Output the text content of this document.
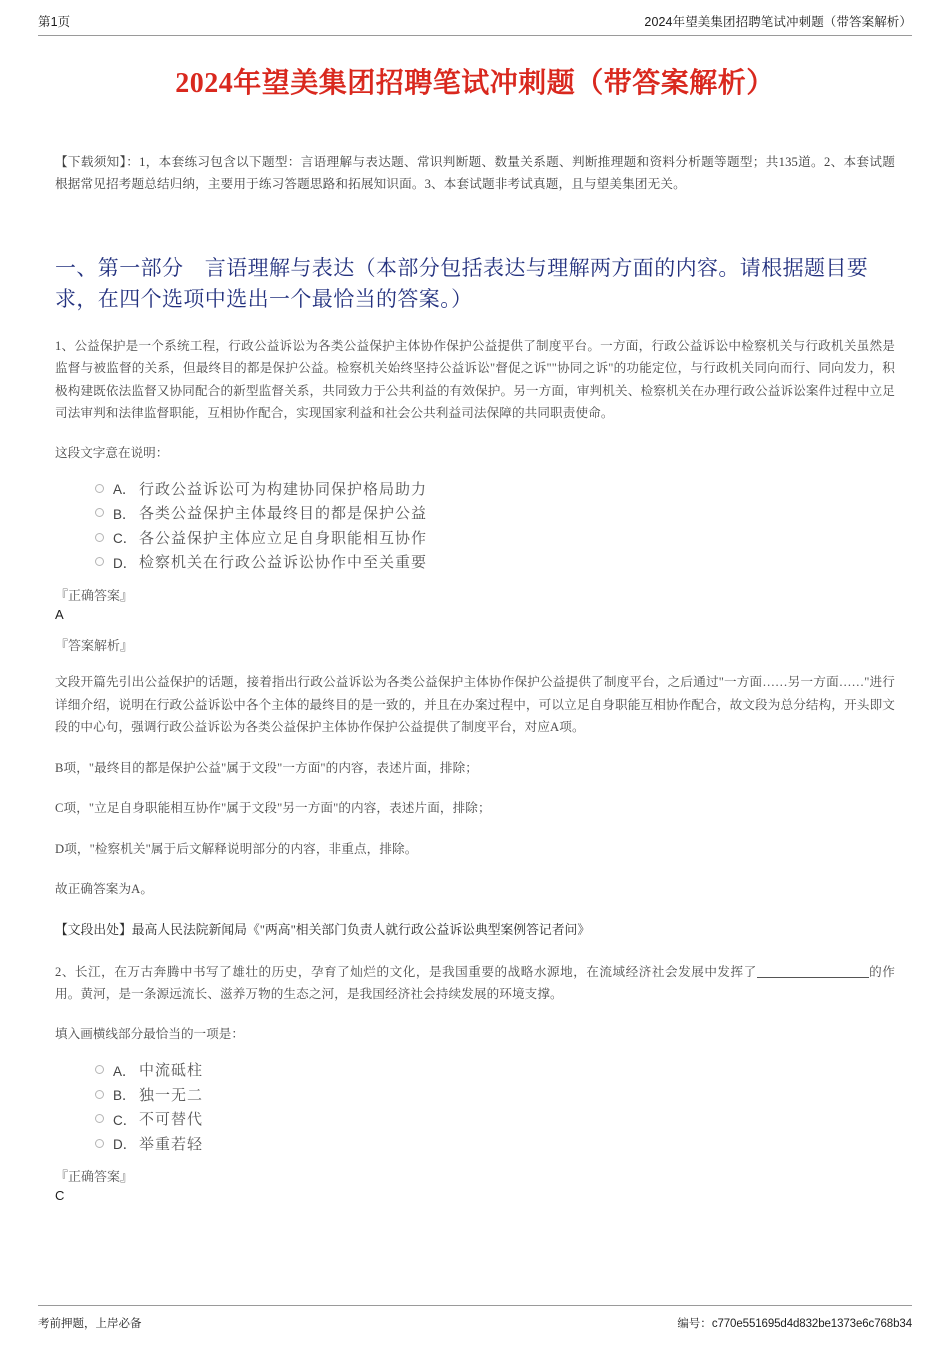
第1页	2024年望美集团招聘笔试冲刺题（带答案解析）
2024年望美集团招聘笔试冲刺题（带答案解析）

【下载须知】：1，本套练习包含以下题型：言语理解与表达题、常识判断题、数量关系题、判断推理题和资料分析题等题型；共135道。2、本套试题根据常见招考题总结归纳，主要用于练习答题思路和拓展知识面。3、本套试题非考试真题，且与望美集团无关。

一、第一部分　言语理解与表达（本部分包括表达与理解两方面的内容。请根据题目要求，在四个选项中选出一个最恰当的答案。）

1、公益保护是一个系统工程，行政公益诉讼为各类公益保护主体协作保护公益提供了制度平台。一方面，行政公益诉讼中检察机关与行政机关虽然是监督与被监督的关系，但最终目的都是保护公益。检察机关始终坚持公益诉讼"督促之诉""协同之诉"的功能定位，与行政机关同向而行、同向发力，积极构建既依法监督又协同配合的新型监督关系，共同致力于公共利益的有效保护。另一方面，审判机关、检察机关在办理行政公益诉讼案件过程中立足司法审判和法律监督职能，互相协作配合，实现国家利益和社会公共利益司法保障的共同职责使命。

这段文字意在说明：

A． 行政公益诉讼可为构建协同保护格局助力
B． 各类公益保护主体最终目的都是保护公益
C． 各公益保护主体应立足自身职能相互协作
D． 检察机关在行政公益诉讼协作中至关重要
『正确答案』
A
『答案解析』

文段开篇先引出公益保护的话题，接着指出行政公益诉讼为各类公益保护主体协作保护公益提供了制度平台，之后通过"一方面……另一方面……"进行详细介绍，说明在行政公益诉讼中各个主体的最终目的是一致的，并且在办案过程中，可以立足自身职能互相协作配合，故文段为总分结构，开头即文段的中心句，强调行政公益诉讼为各类公益保护主体协作保护公益提供了制度平台，对应A项。

B项，"最终目的都是保护公益"属于文段"一方面"的内容，表述片面，排除；

C项，"立足自身职能相互协作"属于文段"另一方面"的内容，表述片面，排除；

D项，"检察机关"属于后文解释说明部分的内容，非重点，排除。

故正确答案为A。

【文段出处】最高人民法院新闻局《"两高"相关部门负责人就行政公益诉讼典型案例答记者问》

2、长江，在万古奔腾中书写了雄壮的历史，孕育了灿烂的文化，是我国重要的战略水源地，在流域经济社会发展中发挥了	的作用。黄河，是一条源远流长、滋养万物的生态之河，是我国经济社会持续发展的环境支撑。

填入画横线部分最恰当的一项是：

A． 中流砥柱
B． 独一无二
C． 不可替代
D． 举重若轻
『正确答案』
C
考前押题，上岸必备	编号：c770e551695d4d832be1373e6c768b34
